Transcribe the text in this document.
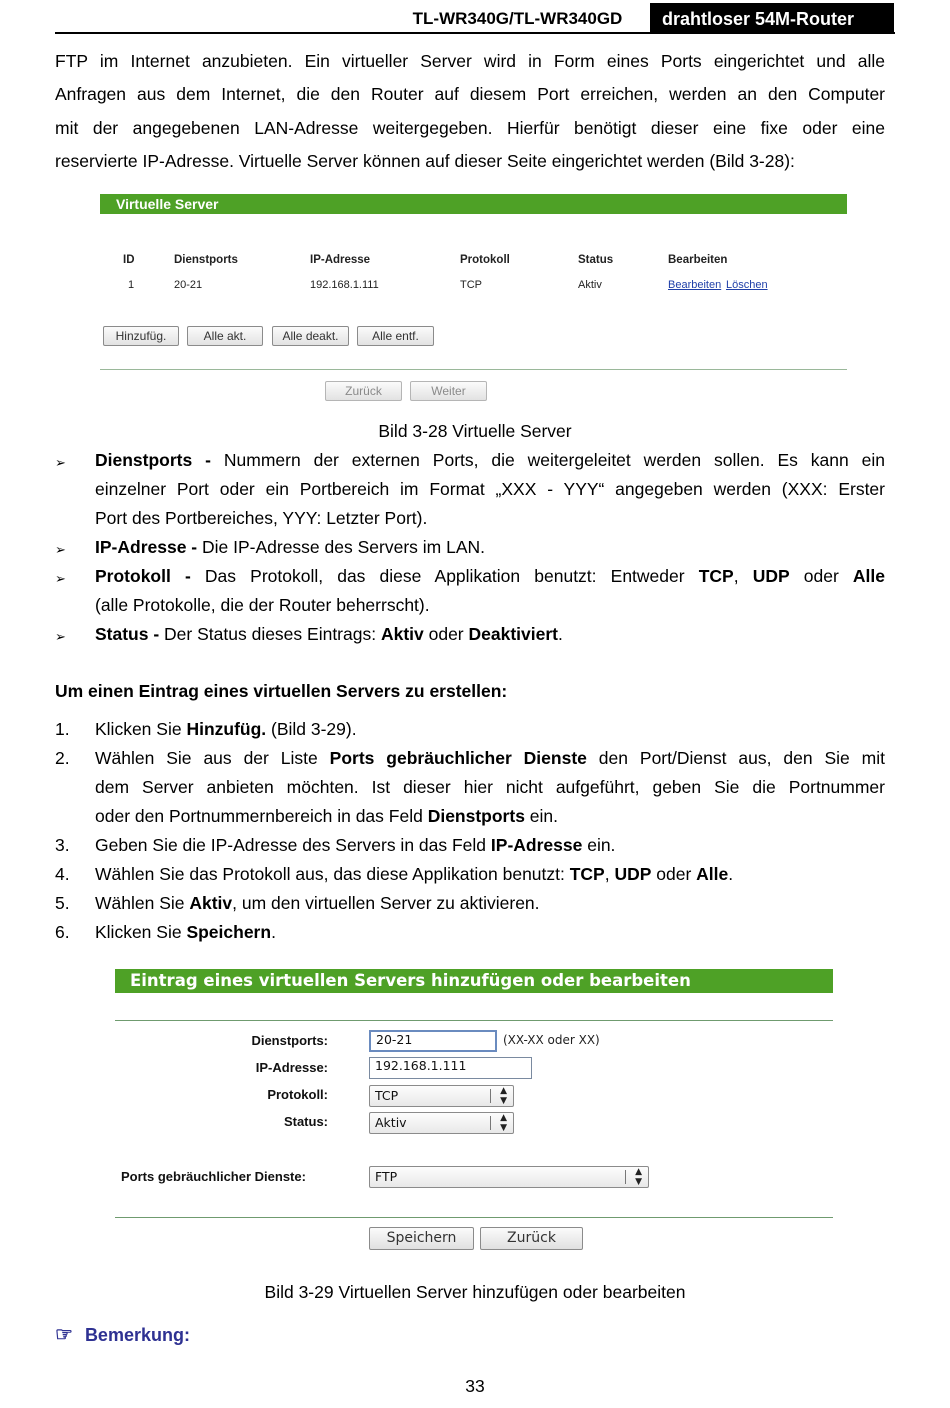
TL-WR340G/TL-WR340GD	drahtloser 54M-Router
FTP im Internet anzubieten. Ein virtueller Server wird in Form eines Ports eingerichtet und alle
Anfragen aus dem Internet, die den Router auf diesem Port erreichen, werden an den Computer
mit der angegebenen LAN-Adresse weitergegeben. Hierfür benötigt dieser eine fixe oder eine
reservierte IP-Adresse. Virtuelle Server können auf dieser Seite eingerichtet werden (Bild 3-28):
Virtuelle Server
ID	Dienstports	IP-Adresse	Protokoll	Status	Bearbeiten
1	20-21	192.168.1.111	TCP	Aktiv	Bearbeiten Löschen
Hinzufüg.	Alle akt.	Alle deakt.	Alle entf.
Zurück	Weiter
Bild 3-28 Virtuelle Server
➢ Dienstports - Nummern der externen Ports, die weitergeleitet werden sollen. Es kann ein
einzelner Port oder ein Portbereich im Format „XXX - YYY“ angegeben werden (XXX: Erster
Port des Portbereiches, YYY: Letzter Port).
➢ IP-Adresse - Die IP-Adresse des Servers im LAN.
➢ Protokoll - Das Protokoll, das diese Applikation benutzt: Entweder TCP, UDP oder Alle
(alle Protokolle, die der Router beherrscht).
➢ Status - Der Status dieses Eintrags: Aktiv oder Deaktiviert.
Um einen Eintrag eines virtuellen Servers zu erstellen:
1. Klicken Sie Hinzufüg. (Bild 3-29).
2. Wählen Sie aus der Liste Ports gebräuchlicher Dienste den Port/Dienst aus, den Sie mit
dem Server anbieten möchten. Ist dieser hier nicht aufgeführt, geben Sie die Portnummer
oder den Portnummernbereich in das Feld Dienstports ein.
3. Geben Sie die IP-Adresse des Servers in das Feld IP-Adresse ein.
4. Wählen Sie das Protokoll aus, das diese Applikation benutzt: TCP, UDP oder Alle.
5. Wählen Sie Aktiv, um den virtuellen Server zu aktivieren.
6. Klicken Sie Speichern.
Eintrag eines virtuellen Servers hinzufügen oder bearbeiten
Dienstports:	20-21	(XX-XX oder XX)
IP-Adresse:	192.168.1.111
Protokoll:	TCP	▲
▼
Status:	Aktiv	▲
▼
Ports gebräuchlicher Dienste:	FTP	▲
▼
Speichern	Zurück
Bild 3-29 Virtuellen Server hinzufügen oder bearbeiten
☞ Bemerkung:
33
